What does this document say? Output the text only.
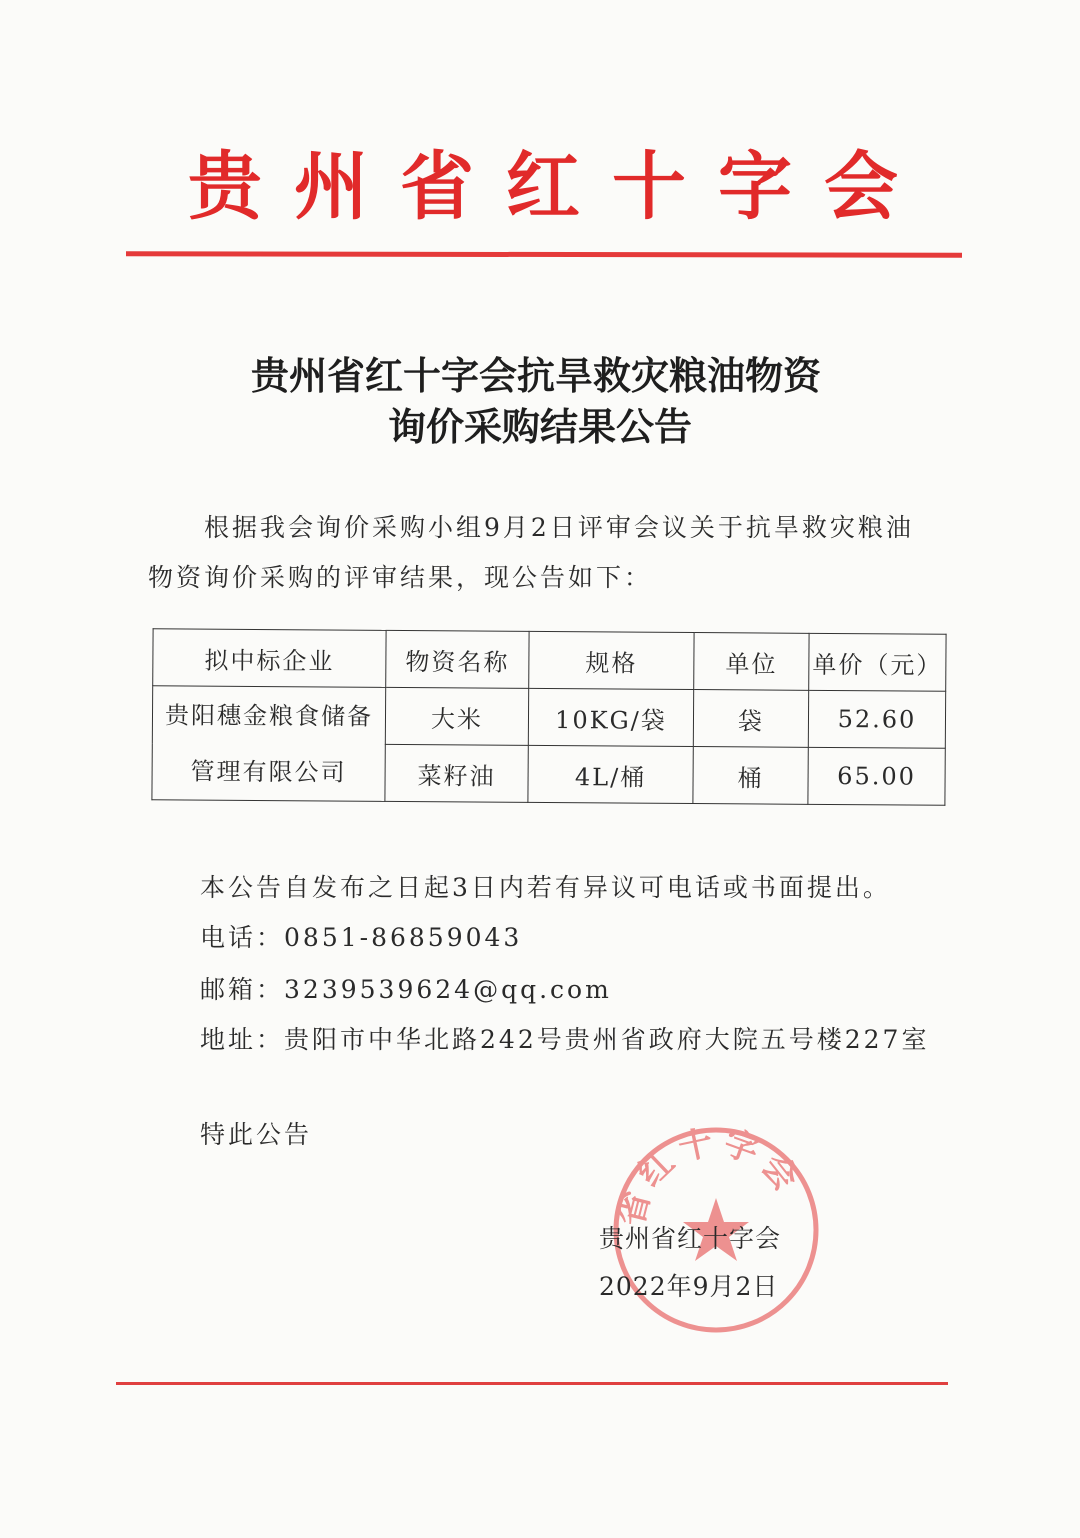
贵州省红十字会
贵州省红十字会抗旱救灾粮油物资
询价采购结果公告
根据我会询价采购小组9月2日评审会议关于抗旱救灾粮油
物资询价采购的评审结果，现公告如下：
拟中标企业	物资名称	规格	单位	单价（元）
贵阳穗金粮食储备
管理有限公司	大米	10KG/袋	袋	52.60
	菜籽油	4L/桶	桶	65.00
本公告自发布之日起3日内若有异议可电话或书面提出。
电话：0851-86859043
邮箱：3239539624@qq.com
地址：贵阳市中华北路242号贵州省政府大院五号楼227室
特此公告
省红十字会
贵州省红十字会
2022年9月2日
